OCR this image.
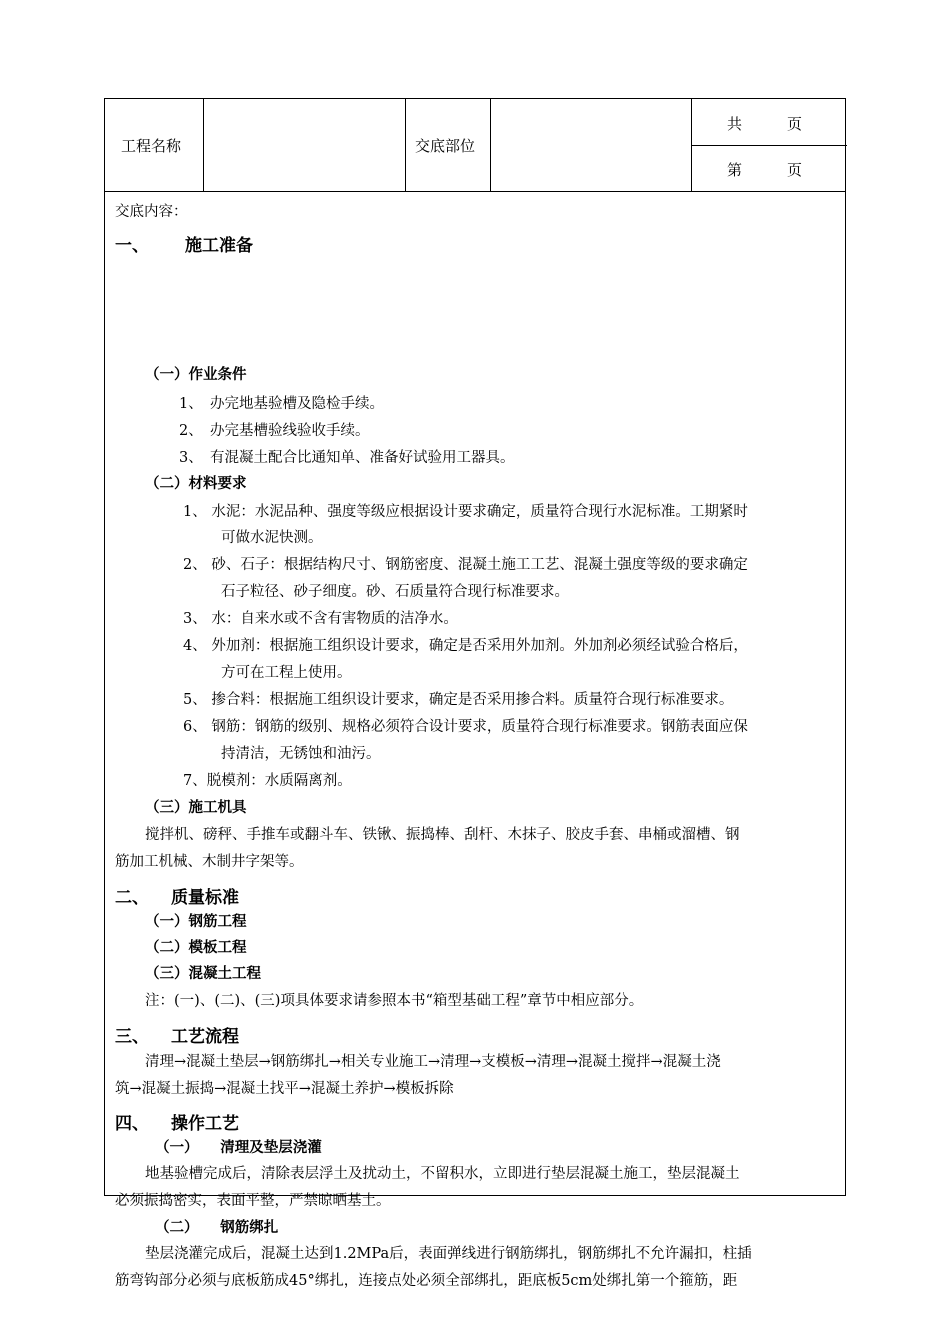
工程名称	交底部位
共　　　页
第　　　页
交底内容：
一、 施工准备
（一）作业条件
1、　办完地基验槽及隐检手续。
2、　办完基槽验线验收手续。
3、　有混凝土配合比通知单、准备好试验用工器具。
（二）材料要求
1、 水泥：水泥品种、强度等级应根据设计要求确定，质量符合现行水泥标准。工期紧时
可做水泥快测。
2、 砂、石子：根据结构尺寸、钢筋密度、混凝土施工工艺、混凝土强度等级的要求确定
石子粒径、砂子细度。砂、石质量符合现行标准要求。
3、 水：自来水或不含有害物质的洁净水。
4、 外加剂：根据施工组织设计要求，确定是否采用外加剂。外加剂必须经试验合格后，
方可在工程上使用。
5、 掺合料：根据施工组织设计要求，确定是否采用掺合料。质量符合现行标准要求。
6、 钢筋：钢筋的级别、规格必须符合设计要求，质量符合现行标准要求。钢筋表面应保
持清洁，无锈蚀和油污。
7、脱模剂：水质隔离剂。
（三）施工机具
搅拌机、磅秤、手推车或翻斗车、铁锹、振捣棒、刮杆、木抹子、胶皮手套、串桶或溜槽、钢
筋加工机械、木制井字架等。
二、 质量标准
（一）钢筋工程
（二）模板工程
（三）混凝土工程
注：(一)、(二)、(三)项具体要求请参照本书“箱型基础工程”章节中相应部分。
三、 工艺流程
清理→混凝土垫层→钢筋绑扎→相关专业施工→清理→支模板→清理→混凝土搅拌→混凝土浇
筑→混凝土振捣→混凝土找平→混凝土养护→模板拆除
四、 操作工艺
（一）　　清理及垫层浇灌
地基验槽完成后，清除表层浮土及扰动土，不留积水，立即进行垫层混凝土施工，垫层混凝土
必须振捣密实，表面平整，严禁晾晒基土。
（二）　　钢筋绑扎
垫层浇灌完成后，混凝土达到1.2MPa后，表面弹线进行钢筋绑扎，钢筋绑扎不允许漏扣，柱插
筋弯钩部分必须与底板筋成45°绑扎，连接点处必须全部绑扎，距底板5cm处绑扎第一个箍筋，距
